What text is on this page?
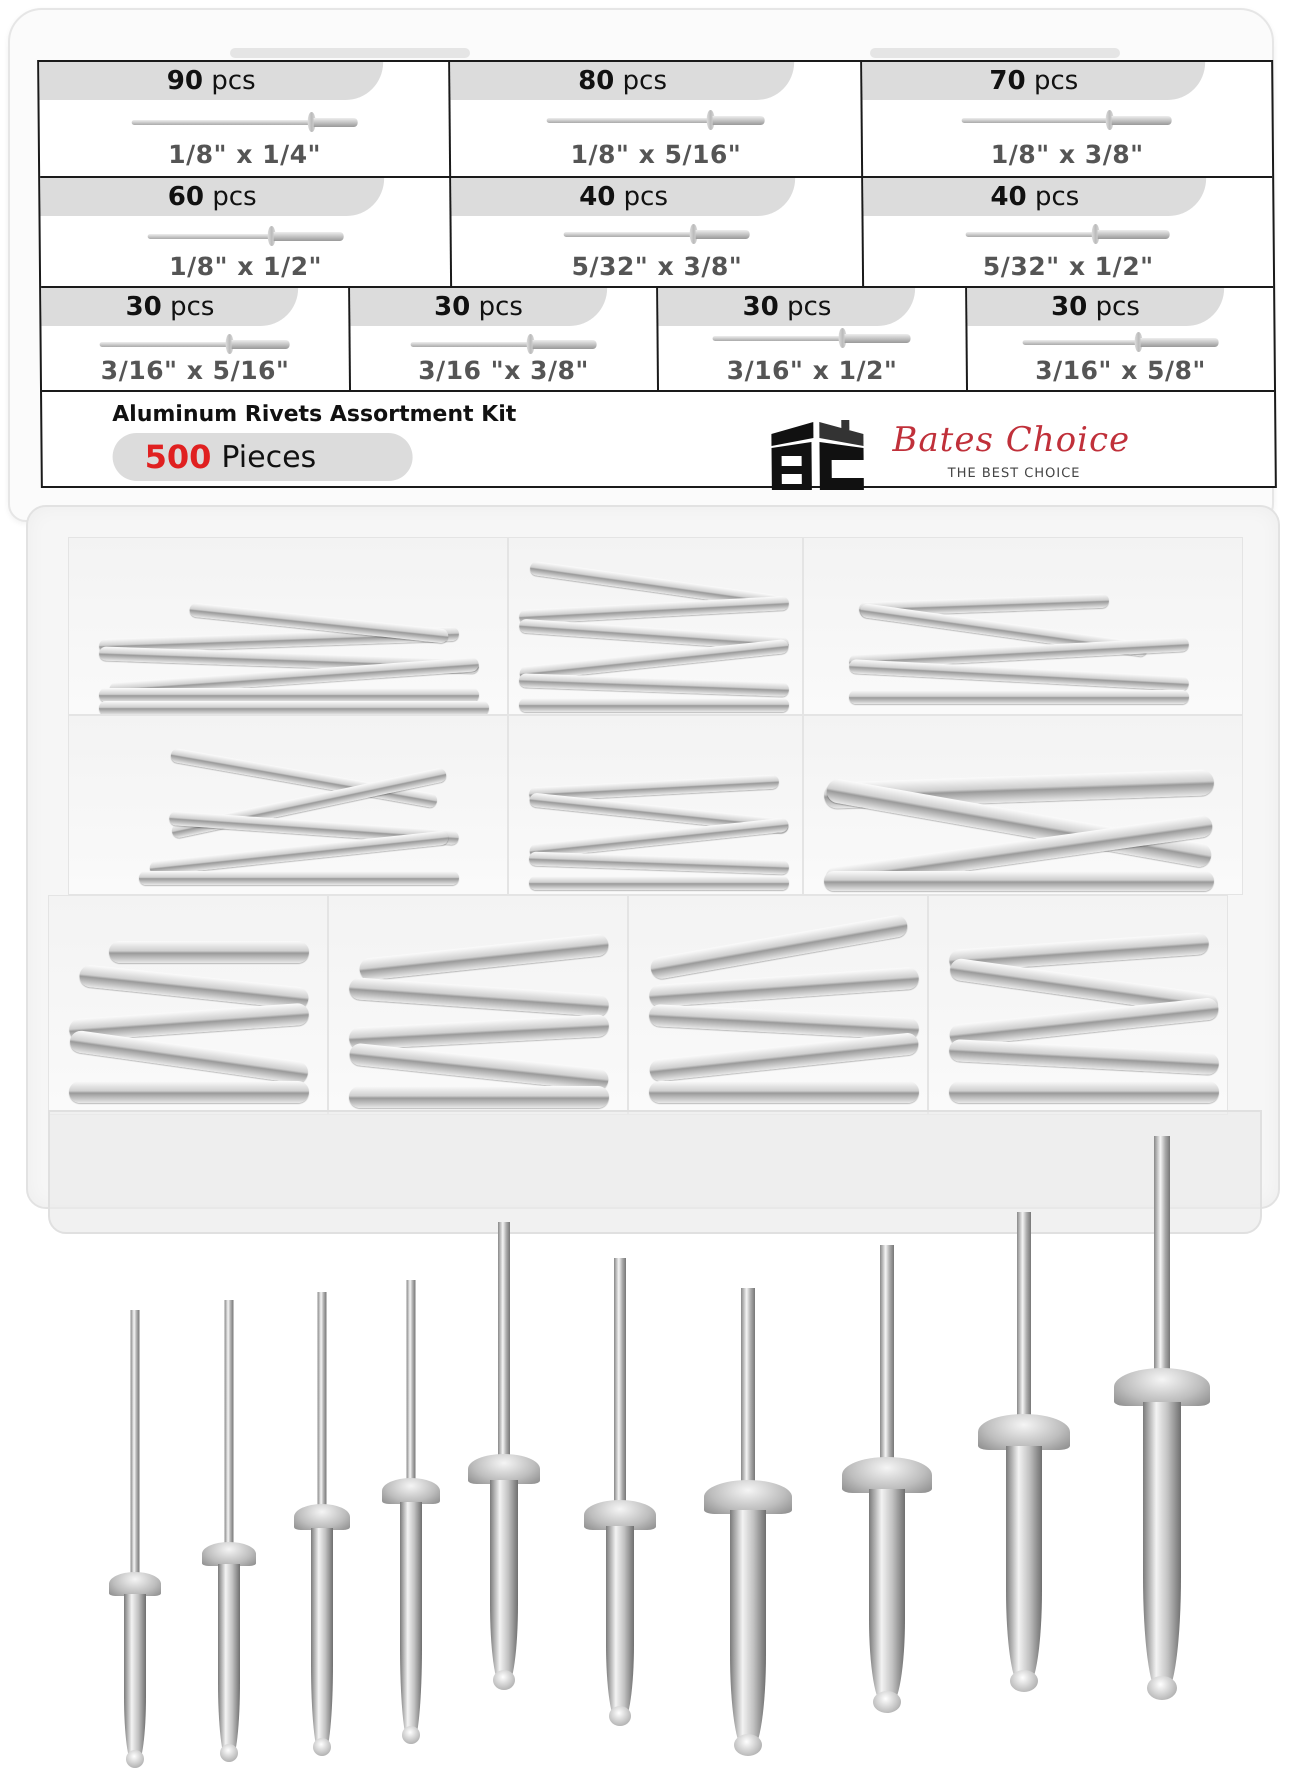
90 pcs
1/8" x 1/4"
80 pcs
1/8" x 5/16"
70 pcs
1/8" x 3/8"
60 pcs
1/8" x 1/2"
40 pcs
5/32" x 3/8"
40 pcs
5/32" x 1/2"
30 pcs
3/16" x 5/16"
30 pcs
3/16 "x 3/8"
30 pcs
3/16" x 1/2"
30 pcs
3/16" x 5/8"
Aluminum Rivets Assortment Kit
500 Pieces	Bates Choice
THE BEST CHOICE
